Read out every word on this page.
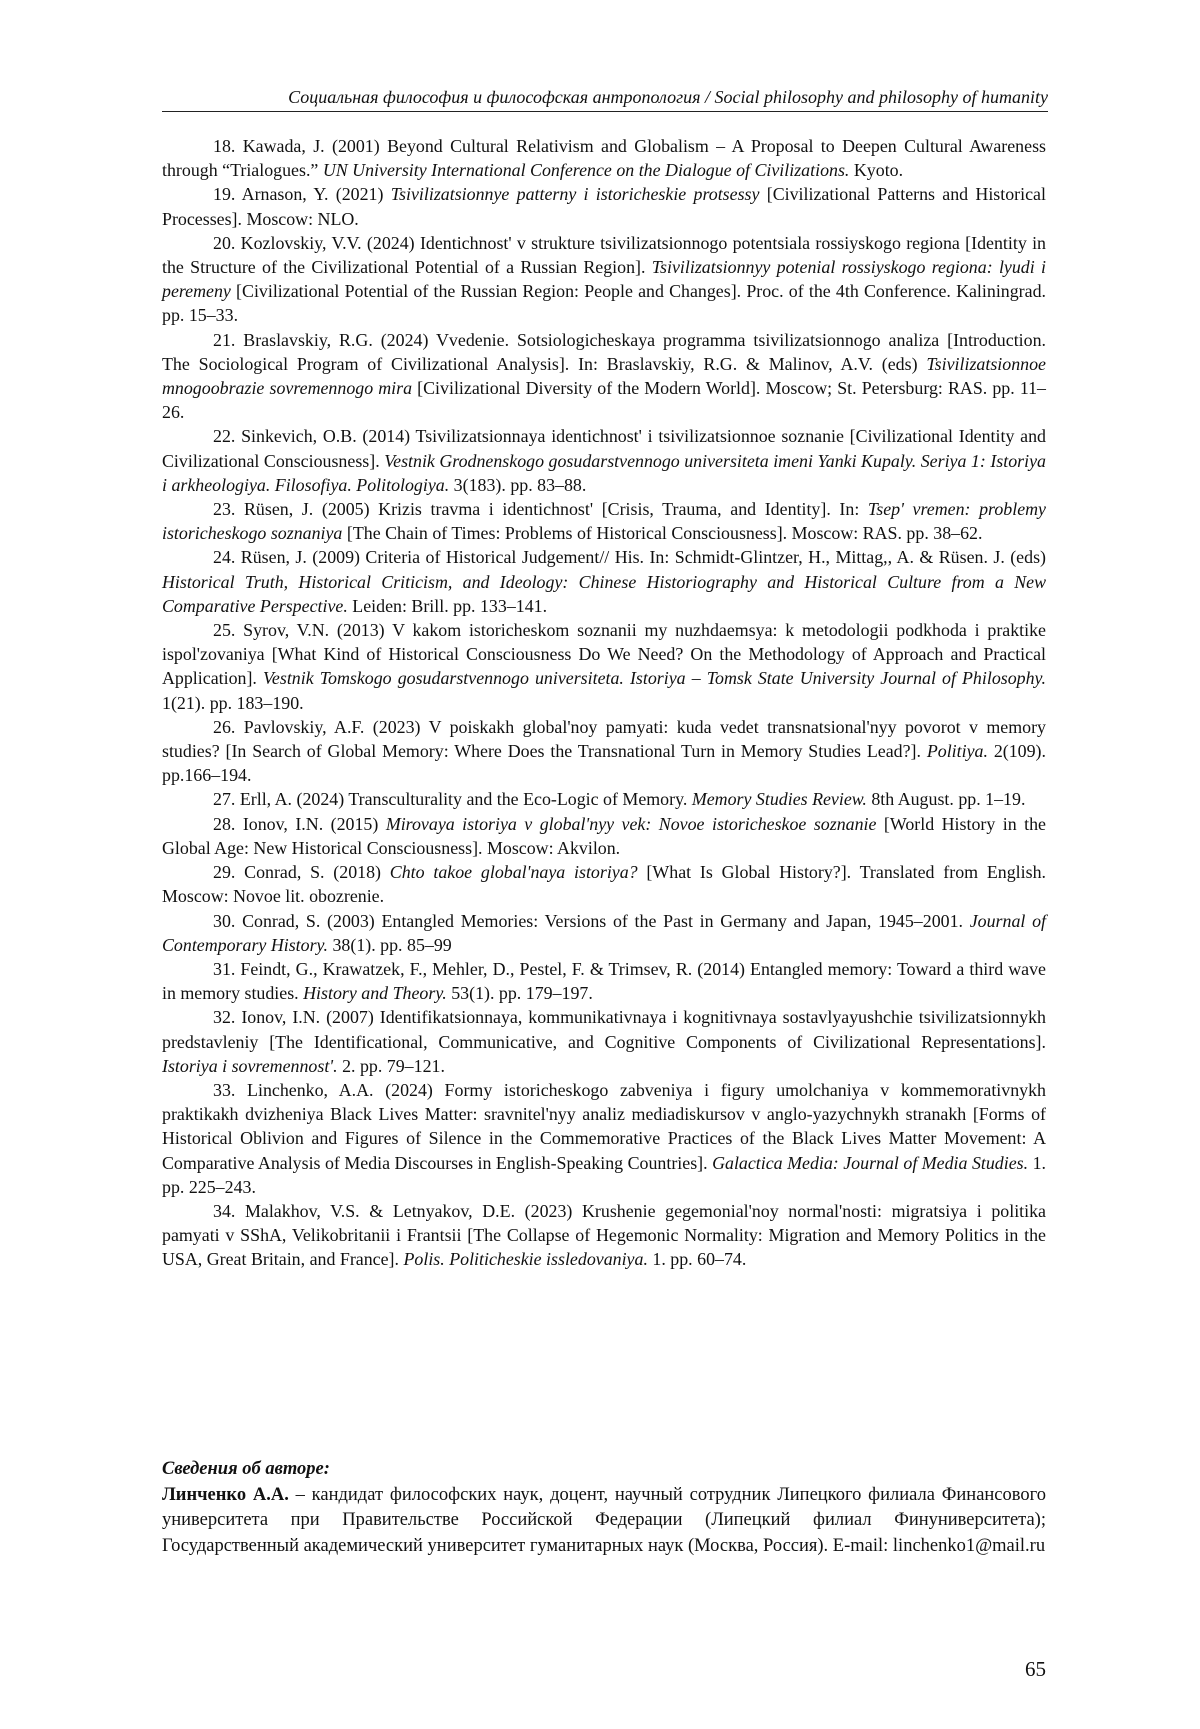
Социальная философия и философская антропология / Social philosophy and philosophy of humanity

18. Kawada, J. (2001) Beyond Cultural Relativism and Globalism – A Proposal to Deepen Cultural Awareness through “Trialogues.” UN University International Conference on the Dialogue of Civilizations. Kyoto.

19. Arnason, Y. (2021) Tsivilizatsionnye patterny i istoricheskie protsessy [Civilizational Patterns and Historical Processes]. Moscow: NLO.

20. Kozlovskiy, V.V. (2024) Identichnost' v strukture tsivilizatsionnogo potentsiala rossiyskogo regiona [Identity in the Structure of the Civilizational Potential of a Russian Region]. Tsivilizatsionnyy potenial rossiyskogo regiona: lyudi i peremeny [Civilizational Potential of the Russian Region: People and Changes]. Proc. of the 4th Conference. Kaliningrad. pp. 15–33.

21. Braslavskiy, R.G. (2024) Vvedenie. Sotsiologicheskaya programma tsivilizatsionnogo analiza [Introduction. The Sociological Program of Civilizational Analysis]. In: Braslavskiy, R.G. & Malinov, A.V. (eds) Tsivilizatsionnoe mnogoobrazie sovremennogo mira [Civilizational Diversity of the Modern World]. Moscow; St. Petersburg: RAS. pp. 11–26.

22. Sinkevich, O.B. (2014) Tsivilizatsionnaya identichnost' i tsivilizatsionnoe soznanie [Civilizational Identity and Civilizational Consciousness]. Vestnik Grodnenskogo gosudarstvennogo universiteta imeni Yanki Kupaly. Seriya 1: Istoriya i arkheologiya. Filosofiya. Politologiya. 3(183). pp. 83–88.

23. Rüsen, J. (2005) Krizis travma i identichnost' [Crisis, Trauma, and Identity]. In: Tsep' vremen: problemy istoricheskogo soznaniya [The Chain of Times: Problems of Historical Consciousness]. Moscow: RAS. pp. 38–62.

24. Rüsen, J. (2009) Criteria of Historical Judgement// His. In: Schmidt-Glintzer, H., Mittag,, A. & Rüsen. J. (eds) Historical Truth, Historical Criticism, and Ideology: Chinese Historiography and Historical Culture from a New Comparative Perspective. Leiden: Brill. pp. 133–141.

25. Syrov, V.N. (2013) V kakom istoricheskom soznanii my nuzhdaemsya: k metodologii podkhoda i praktike ispol'zovaniya [What Kind of Historical Consciousness Do We Need? On the Methodology of Approach and Practical Application]. Vestnik Tomskogo gosudarstvennogo universiteta. Istoriya – Tomsk State University Journal of Philosophy. 1(21). pp. 183–190.

26. Pavlovskiy, A.F. (2023) V poiskakh global'noy pamyati: kuda vedet transnatsional'nyy povorot v memory studies? [In Search of Global Memory: Where Does the Transnational Turn in Memory Studies Lead?]. Politiya. 2(109). pp.166–194.

27. Erll, A. (2024) Transculturality and the Eco-Logic of Memory. Memory Studies Review. 8th August. pp. 1–19.

28. Ionov, I.N. (2015) Mirovaya istoriya v global'nyy vek: Novoe istoricheskoe soznanie [World History in the Global Age: New Historical Consciousness]. Moscow: Akvilon.

29. Conrad, S. (2018) Chto takoe global'naya istoriya? [What Is Global History?]. Translated from English. Moscow: Novoe lit. obozrenie.

30. Conrad, S. (2003) Entangled Memories: Versions of the Past in Germany and Japan, 1945–2001. Journal of Contemporary History. 38(1). pp. 85–99

31. Feindt, G., Krawatzek, F., Mehler, D., Pestel, F. & Trimsev, R. (2014) Entangled memory: Toward a third wave in memory studies. History and Theory. 53(1). pp. 179–197.

32. Ionov, I.N. (2007) Identifikatsionnaya, kommunikativnaya i kognitivnaya sostavlyayushchie tsivilizatsionnykh predstavleniy [The Identificational, Communicative, and Cognitive Components of Civilizational Representations]. Istoriya i sovremennost'. 2. pp. 79–121.

33. Linchenko, A.A. (2024) Formy istoricheskogo zabveniya i figury umolchaniya v kommemorativnykh praktikakh dvizheniya Black Lives Matter: sravnitel'nyy analiz mediadiskursov v anglo-yazychnykh stranakh [Forms of Historical Oblivion and Figures of Silence in the Commemorative Practices of the Black Lives Matter Movement: A Comparative Analysis of Media Discourses in English-Speaking Countries]. Galactica Media: Journal of Media Studies. 1. pp. 225–243.

34. Malakhov, V.S. & Letnyakov, D.E. (2023) Krushenie gegemonial'noy normal'nosti: migratsiya i politika pamyati v SShA, Velikobritanii i Frantsii [The Collapse of Hegemonic Normality: Migration and Memory Politics in the USA, Great Britain, and France]. Polis. Politicheskie issledovaniya. 1. pp. 60–74.

Сведения об авторе:

Линченко А.А. – кандидат философских наук, доцент, научный сотрудник Липецкого филиала Финансового университета при Правительстве Российской Федерации (Липецкий филиал Финуниверситета); Государственный академический университет гуманитарных наук (Москва, Россия). E-mail: linchenko1@mail.ru

65
